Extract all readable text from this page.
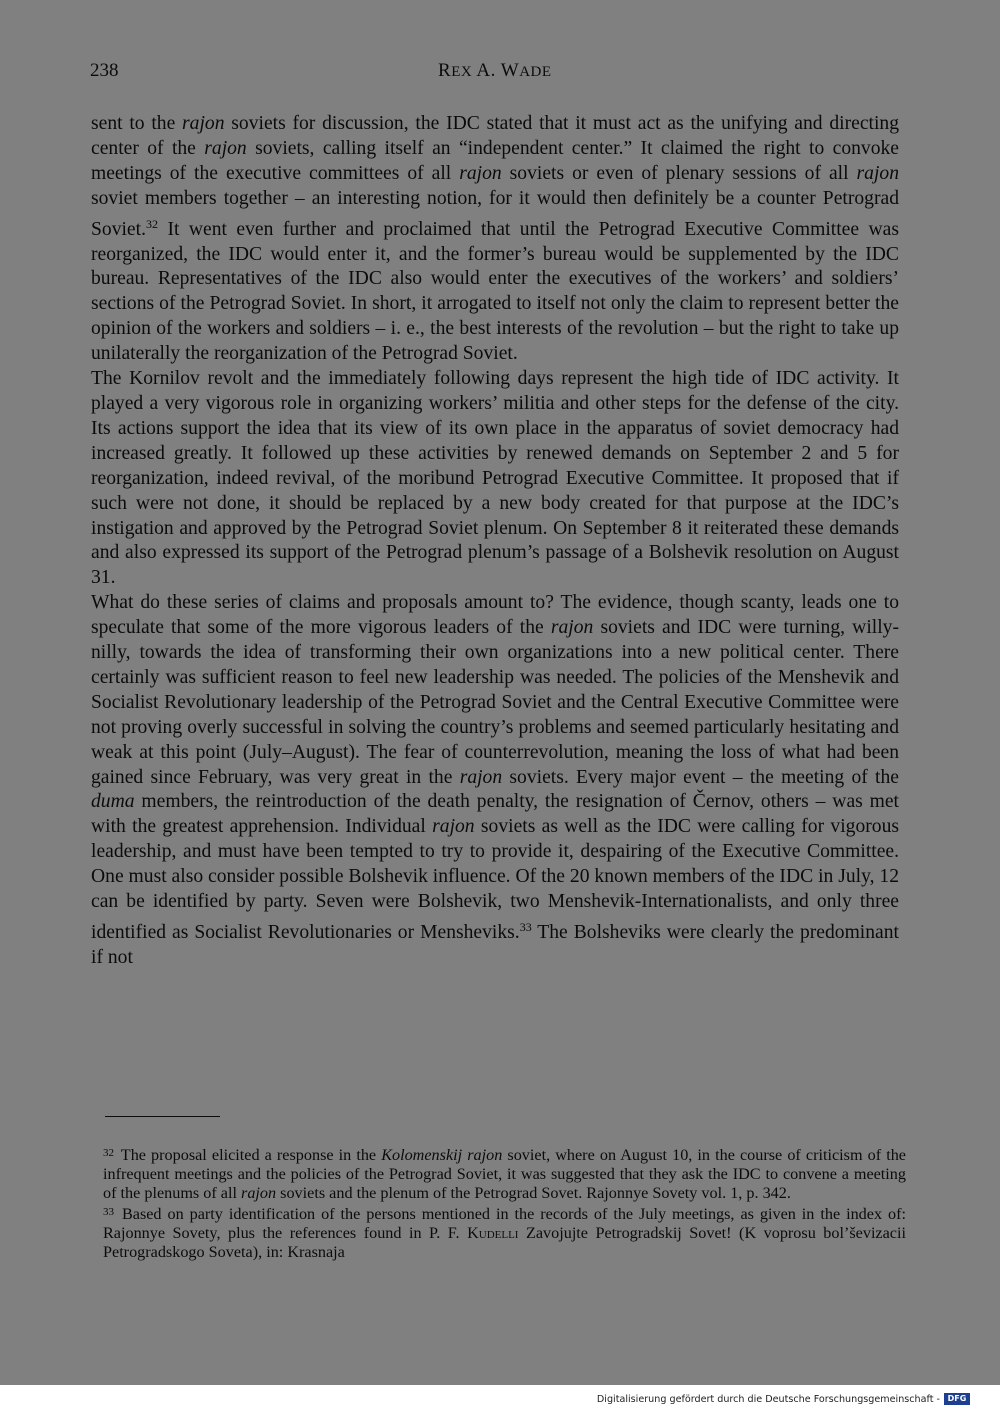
238	REX A. WADE

sent to the rajon soviets for discussion, the IDC stated that it must act as the unifying and directing center of the rajon soviets, calling itself an “independent center.” It claimed the right to convoke meetings of the executive committees of all rajon soviets or even of plenary sessions of all rajon soviet members together – an interesting notion, for it would then definitely be a counter Petrograd Soviet.$^{32}$ It went even further and proclaimed that until the Petrograd Executive Committee was reorganized, the IDC would enter it, and the former’s bureau would be supplemented by the IDC bureau. Representatives of the IDC also would enter the executives of the workers’ and soldiers’ sections of the Petrograd Soviet. In short, it arrogated to itself not only the claim to represent better the opinion of the workers and soldiers – i. e., the best interests of the revolution – but the right to take up unilaterally the reorganization of the Petrograd Soviet.

The Kornilov revolt and the immediately following days represent the high tide of IDC activity. It played a very vigorous role in organizing workers’ militia and other steps for the defense of the city. Its actions support the idea that its view of its own place in the apparatus of soviet democracy had increased greatly. It followed up these activities by renewed demands on September 2 and 5 for reorganization, indeed revival, of the moribund Petrograd Executive Committee. It proposed that if such were not done, it should be replaced by a new body created for that purpose at the IDC’s instigation and approved by the Petrograd Soviet plenum. On September 8 it reiterated these demands and also expressed its support of the Petrograd plenum’s passage of a Bolshevik resolution on August 31.

What do these series of claims and proposals amount to? The evidence, though scanty, leads one to speculate that some of the more vigorous leaders of the rajon soviets and IDC were turning, willy-nilly, towards the idea of transforming their own organizations into a new political center. There certainly was sufficient reason to feel new leadership was needed. The policies of the Menshevik and Socialist Revolutionary leadership of the Petrograd Soviet and the Central Executive Committee were not proving overly successful in solving the country’s problems and seemed particularly hesitating and weak at this point (July–August). The fear of counterrevolution, meaning the loss of what had been gained since February, was very great in the rajon soviets. Every major event – the meeting of the duma members, the reintroduction of the death penalty, the resignation of Černov, others – was met with the greatest apprehension. Individual rajon soviets as well as the IDC were calling for vigorous leadership, and must have been tempted to try to provide it, despairing of the Executive Committee. One must also consider possible Bolshevik influence. Of the 20 known members of the IDC in July, 12 can be identified by party. Seven were Bolshevik, two Menshevik-Internationalists, and only three identified as Socialist Revolutionaries or Mensheviks.$^{33}$ The Bolsheviks were clearly the predominant if not

$^{32}$ The proposal elicited a response in the Kolomenskij rajon soviet, where on August 10, in the course of criticism of the infrequent meetings and the policies of the Petrograd Soviet, it was suggested that they ask the IDC to convene a meeting of the plenums of all rajon soviets and the plenum of the Petrograd Sovet. Rajonnye Sovety vol. 1, p. 342.

$^{33}$ Based on party identification of the persons mentioned in the records of the July meetings, as given in the index of: Rajonnye Sovety, plus the references found in P. F. Kudelli Zavojujte Petrogradskij Sovet! (K voprosu bol’ševizacii Petrogradskogo Soveta), in: Krasnaja

Digitalisierung gefördert durch die Deutsche Forschungsgemeinschaft - DFG
